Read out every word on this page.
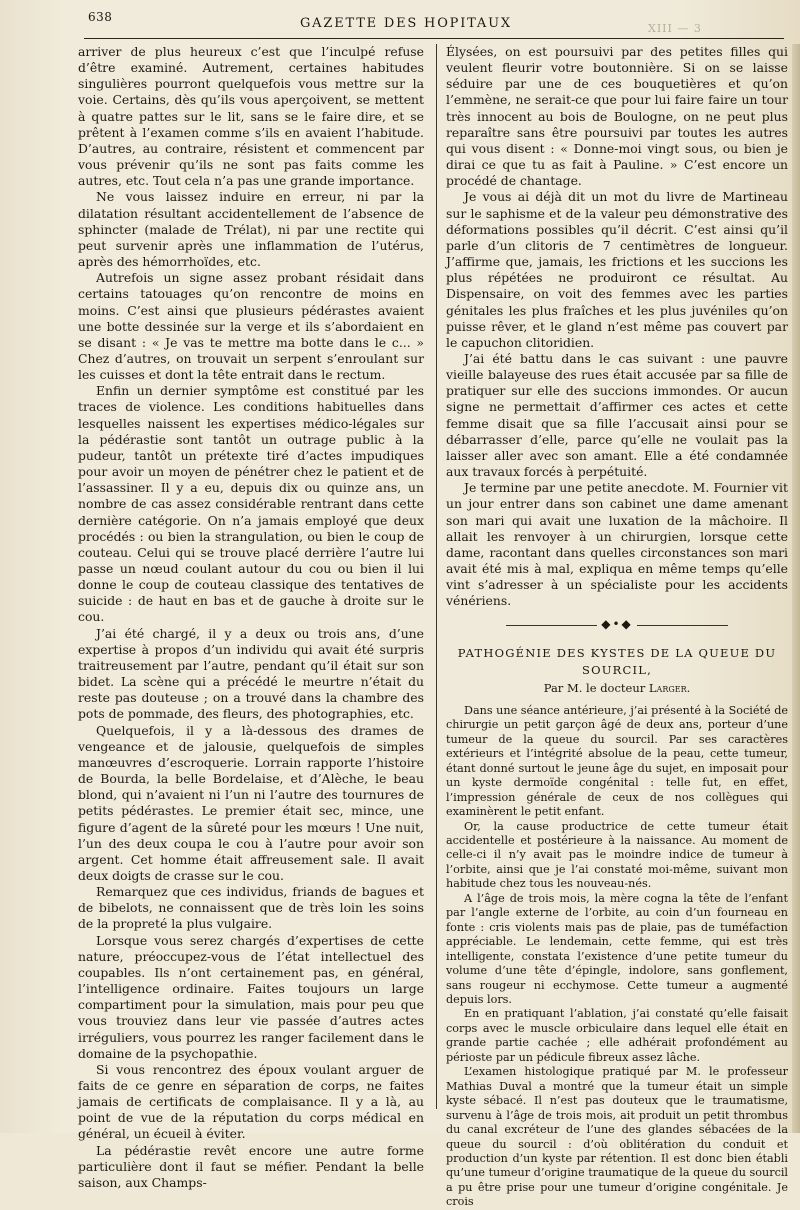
638	GAZETTE DES HOPITAUX	XIII — 3

arriver de plus heureux c’est que l’inculpé refuse d’être examiné. Autrement, certaines habitudes singulières pourront quelquefois vous mettre sur la voie. Certains, dès qu’ils vous aperçoivent, se mettent à quatre pattes sur le lit, sans se le faire dire, et se prêtent à l’examen comme s’ils en avaient l’habitude. D’autres, au contraire, résistent et commencent par vous prévenir qu’ils ne sont pas faits comme les autres, etc. Tout cela n’a pas une grande importance.

Ne vous laissez induire en erreur, ni par la dilatation résultant accidentellement de l’absence de sphincter (malade de Trélat), ni par une rectite qui peut survenir après une inflammation de l’utérus, après des hémorrhoïdes, etc.

Autrefois un signe assez probant résidait dans certains tatouages qu’on rencontre de moins en moins. C’est ainsi que plusieurs pédérastes avaient une botte dessinée sur la verge et ils s’abordaient en se disant : « Je vas te mettre ma botte dans le c... » Chez d’autres, on trouvait un serpent s’enroulant sur les cuisses et dont la tête entrait dans le rectum.

Enfin un dernier symptôme est constitué par les traces de violence. Les conditions habituelles dans lesquelles naissent les expertises médico-légales sur la pédérastie sont tantôt un outrage public à la pudeur, tantôt un prétexte tiré d’actes impudiques pour avoir un moyen de pénétrer chez le patient et de l’assassiner. Il y a eu, depuis dix ou quinze ans, un nombre de cas assez considérable rentrant dans cette dernière catégorie. On n’a jamais employé que deux procédés : ou bien la strangulation, ou bien le coup de couteau. Celui qui se trouve placé derrière l’autre lui passe un nœud coulant autour du cou ou bien il lui donne le coup de couteau classique des tentatives de suicide : de haut en bas et de gauche à droite sur le cou.

J’ai été chargé, il y a deux ou trois ans, d’une expertise à propos d’un individu qui avait été surpris traitreusement par l’autre, pendant qu’il était sur son bidet. La scène qui a précédé le meurtre n’était du reste pas douteuse ; on a trouvé dans la chambre des pots de pommade, des fleurs, des photographies, etc.

Quelquefois, il y a là-dessous des drames de vengeance et de jalousie, quelquefois de simples manœuvres d’escroquerie. Lorrain rapporte l’histoire de Bourda, la belle Bordelaise, et d’Alèche, le beau blond, qui n’avaient ni l’un ni l’autre des tournures de petits pédérastes. Le premier était sec, mince, une figure d’agent de la sûreté pour les mœurs ! Une nuit, l’un des deux coupa le cou à l’autre pour avoir son argent. Cet homme était affreusement sale. Il avait deux doigts de crasse sur le cou.

Remarquez que ces individus, friands de bagues et de bibelots, ne connaissent que de très loin les soins de la propreté la plus vulgaire.

Lorsque vous serez chargés d’expertises de cette nature, préoccupez-vous de l’état intellectuel des coupables. Ils n’ont certainement pas, en général, l’intelligence ordinaire. Faites toujours un large compartiment pour la simulation, mais pour peu que vous trouviez dans leur vie passée d’autres actes irréguliers, vous pourrez les ranger facilement dans le domaine de la psychopathie.

Si vous rencontrez des époux voulant arguer de faits de ce genre en séparation de corps, ne faites jamais de certificats de complaisance. Il y a là, au point de vue de la réputation du corps médical en général, un écueil à éviter.

La pédérastie revêt encore une autre forme particulière dont il faut se méfier. Pendant la belle saison, aux Champs-

Élysées, on est poursuivi par des petites filles qui veulent fleurir votre boutonnière. Si on se laisse séduire par une de ces bouquetières et qu’on l’emmène, ne serait-ce que pour lui faire faire un tour très innocent au bois de Boulogne, on ne peut plus reparaître sans être poursuivi par toutes les autres qui vous disent : « Donne-moi vingt sous, ou bien je dirai ce que tu as fait à Pauline. » C’est encore un procédé de chantage.

Je vous ai déjà dit un mot du livre de Martineau sur le saphisme et de la valeur peu démonstrative des déformations possibles qu’il décrit. C’est ainsi qu’il parle d’un clitoris de 7 centimètres de longueur. J’affirme que, jamais, les frictions et les succions les plus répétées ne produiront ce résultat. Au Dispensaire, on voit des femmes avec les parties génitales les plus fraîches et les plus juvéniles qu’on puisse rêver, et le gland n’est même pas couvert par le capuchon clitoridien.

J’ai été battu dans le cas suivant : une pauvre vieille balayeuse des rues était accusée par sa fille de pratiquer sur elle des succions immondes. Or aucun signe ne permettait d’affirmer ces actes et cette femme disait que sa fille l’accusait ainsi pour se débarrasser d’elle, parce qu’elle ne voulait pas la laisser aller avec son amant. Elle a été condamnée aux travaux forcés à perpétuité.

Je termine par une petite anecdote. M. Fournier vit un jour entrer dans son cabinet une dame amenant son mari qui avait une luxation de la mâchoire. Il allait les renvoyer à un chirurgien, lorsque cette dame, racontant dans quelles circonstances son mari avait été mis à mal, expliqua en même temps qu’elle vint s’adresser à un spécialiste pour les accidents vénériens.

◆•◆
PATHOGÉNIE DES KYSTES DE LA QUEUE DU SOURCIL,
Par M. le docteur Larger.

Dans une séance antérieure, j’ai présenté à la Société de chirurgie un petit garçon âgé de deux ans, porteur d’une tumeur de la queue du sourcil. Par ses caractères extérieurs et l’intégrité absolue de la peau, cette tumeur, étant donné surtout le jeune âge du sujet, en imposait pour un kyste dermoïde congénital : telle fut, en effet, l’impression générale de ceux de nos collègues qui examinèrent le petit enfant.

Or, la cause productrice de cette tumeur était accidentelle et postérieure à la naissance. Au moment de celle-ci il n’y avait pas le moindre indice de tumeur à l’orbite, ainsi que je l’ai constaté moi-même, suivant mon habitude chez tous les nouveau-nés.

A l’âge de trois mois, la mère cogna la tête de l’enfant par l’angle externe de l’orbite, au coin d’un fourneau en fonte : cris violents mais pas de plaie, pas de tuméfaction appréciable. Le lendemain, cette femme, qui est très intelligente, constata l’existence d’une petite tumeur du volume d’une tête d’épingle, indolore, sans gonflement, sans rougeur ni ecchymose. Cette tumeur a augmenté depuis lors.

En en pratiquant l’ablation, j’ai constaté qu’elle faisait corps avec le muscle orbiculaire dans lequel elle était en grande partie cachée ; elle adhérait profondément au périoste par un pédicule fibreux assez lâche.

L’examen histologique pratiqué par M. le professeur Mathias Duval a montré que la tumeur était un simple kyste sébacé. Il n’est pas douteux que le traumatisme, survenu à l’âge de trois mois, ait produit un petit thrombus du canal excréteur de l’une des glandes sébacées de la queue du sourcil : d’où oblitération du conduit et production d’un kyste par rétention. Il est donc bien établi qu’une tumeur d’origine traumatique de la queue du sourcil a pu être prise pour une tumeur d’origine congénitale. Je crois
